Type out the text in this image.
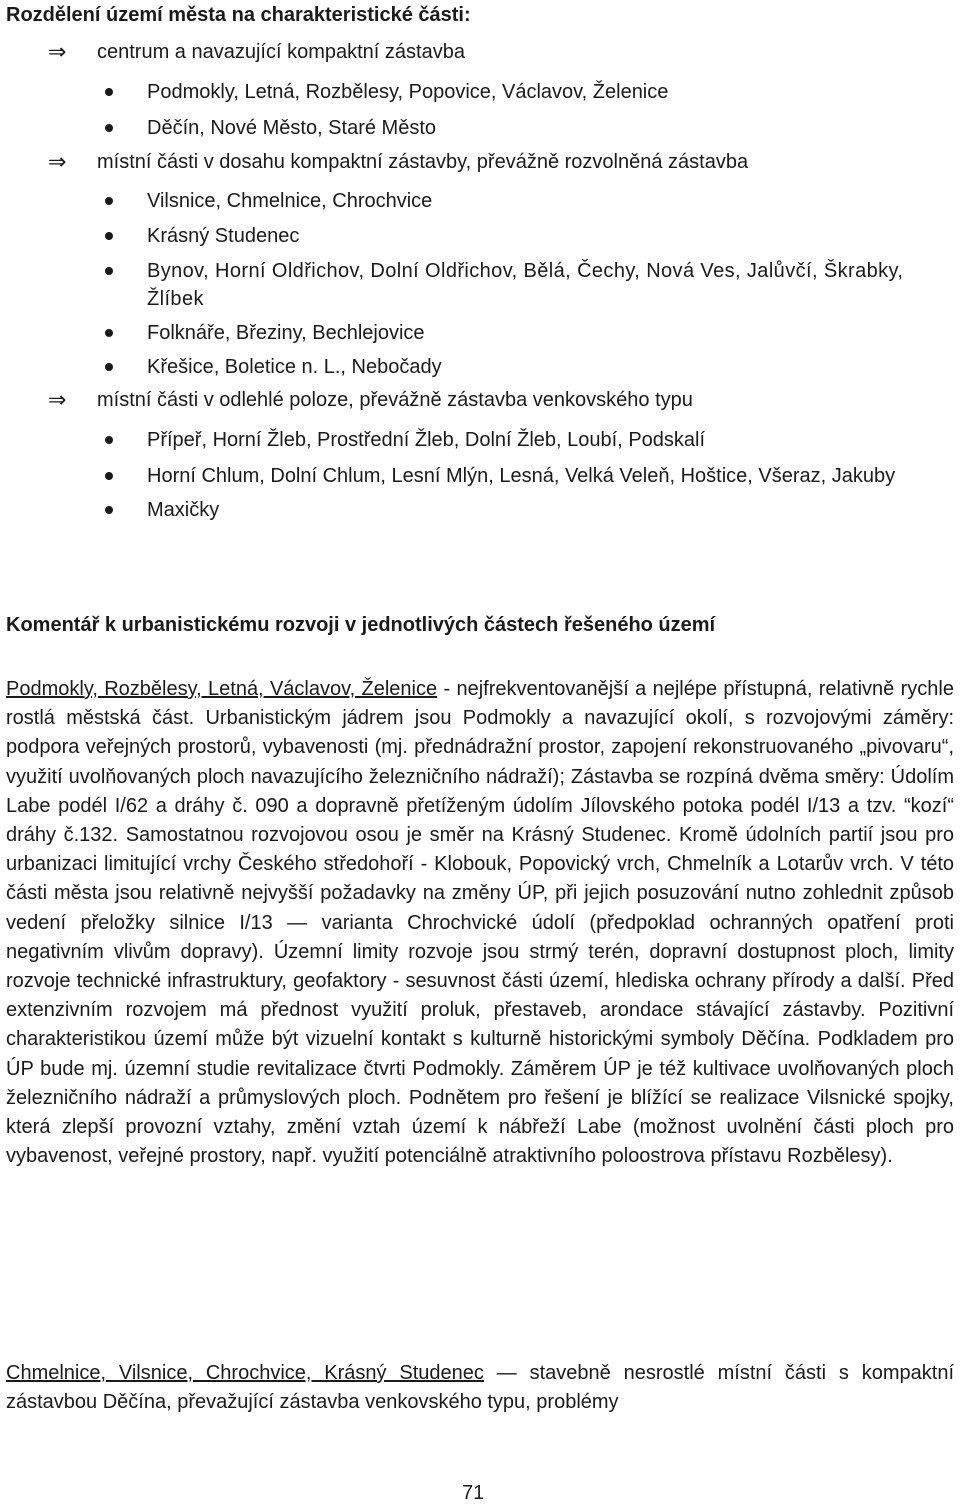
Rozdělení území města na charakteristické části:

⇒ centrum a navazující kompaktní zástavba
Podmokly, Letná, Rozbělesy, Popovice, Václavov, Želenice
Děčín, Nové Město, Staré Město
⇒ místní části v dosahu kompaktní zástavby, převážně rozvolněná zástavba
Vilsnice, Chmelnice, Chrochvice
Krásný Studenec
Bynov, Horní Oldřichov, Dolní Oldřichov, Bělá, Čechy, Nová Ves, Jalůvčí, Škrabky, Žlíbek
Folknáře, Březiny, Bechlejovice
Křešice, Boletice n. L., Nebočady
⇒ místní části v odlehlé poloze, převážně zástavba venkovského typu
Přípeř, Horní Žleb, Prostřední Žleb, Dolní Žleb, Loubí, Podskalí
Horní Chlum, Dolní Chlum, Lesní Mlýn, Lesná, Velká Veleň, Hoštice, Všeraz, Jakuby
Maxičky

Komentář k urbanistickému rozvoji v jednotlivých částech řešeného území

Podmokly, Rozbělesy, Letná, Václavov, Želenice - nejfrekventovanější a nejlépe přístupná, relativně rychle rostlá městská část. Urbanistickým jádrem jsou Podmokly a navazující okolí, s rozvojovými záměry: podpora veřejných prostorů, vybavenosti (mj. přednádražní prostor, zapojení rekonstruovaného „pivovaru“, využití uvolňovaných ploch navazujícího železničního nádraží); Zástavba se rozpíná dvěma směry: Údolím Labe podél I/62 a dráhy č. 090 a dopravně přetíženým údolím Jílovského potoka podél I/13 a tzv. “kozí“ dráhy č.132. Samostatnou rozvojovou osou je směr na Krásný Studenec. Kromě údolních partií jsou pro urbanizaci limitující vrchy Českého středohoří - Klobouk, Popovický vrch, Chmelník a Lotarův vrch. V této části města jsou relativně nejvyšší požadavky na změny ÚP, při jejich posuzování nutno zohlednit způsob vedení přeložky silnice I/13 — varianta Chrochvické údolí (předpoklad ochranných opatření proti negativním vlivům dopravy). Územní limity rozvoje jsou strmý terén, dopravní dostupnost ploch, limity rozvoje technické infrastruktury, geofaktory - sesuvnost části území, hlediska ochrany přírody a další. Před extenzivním rozvojem má přednost využití proluk, přestaveb, arondace stávající zástavby. Pozitivní charakteristikou území může být vizuelní kontakt s kulturně historickými symboly Děčína. Podkladem pro ÚP bude mj. územní studie revitalizace čtvrti Podmokly. Záměrem ÚP je též kultivace uvolňovaných ploch železničního nádraží a průmyslových ploch. Podnětem pro řešení je blížící se realizace Vilsnické spojky, která zlepší provozní vztahy, změní vztah území k nábřeží Labe (možnost uvolnění části ploch pro vybavenost, veřejné prostory, např. využití potenciálně atraktivního poloostrova přístavu Rozbělesy).

Chmelnice, Vilsnice, Chrochvice, Krásný Studenec — stavebně nesrostlé místní části s kompaktní zástavbou Děčína, převažující zástavba venkovského typu, problémy

71
